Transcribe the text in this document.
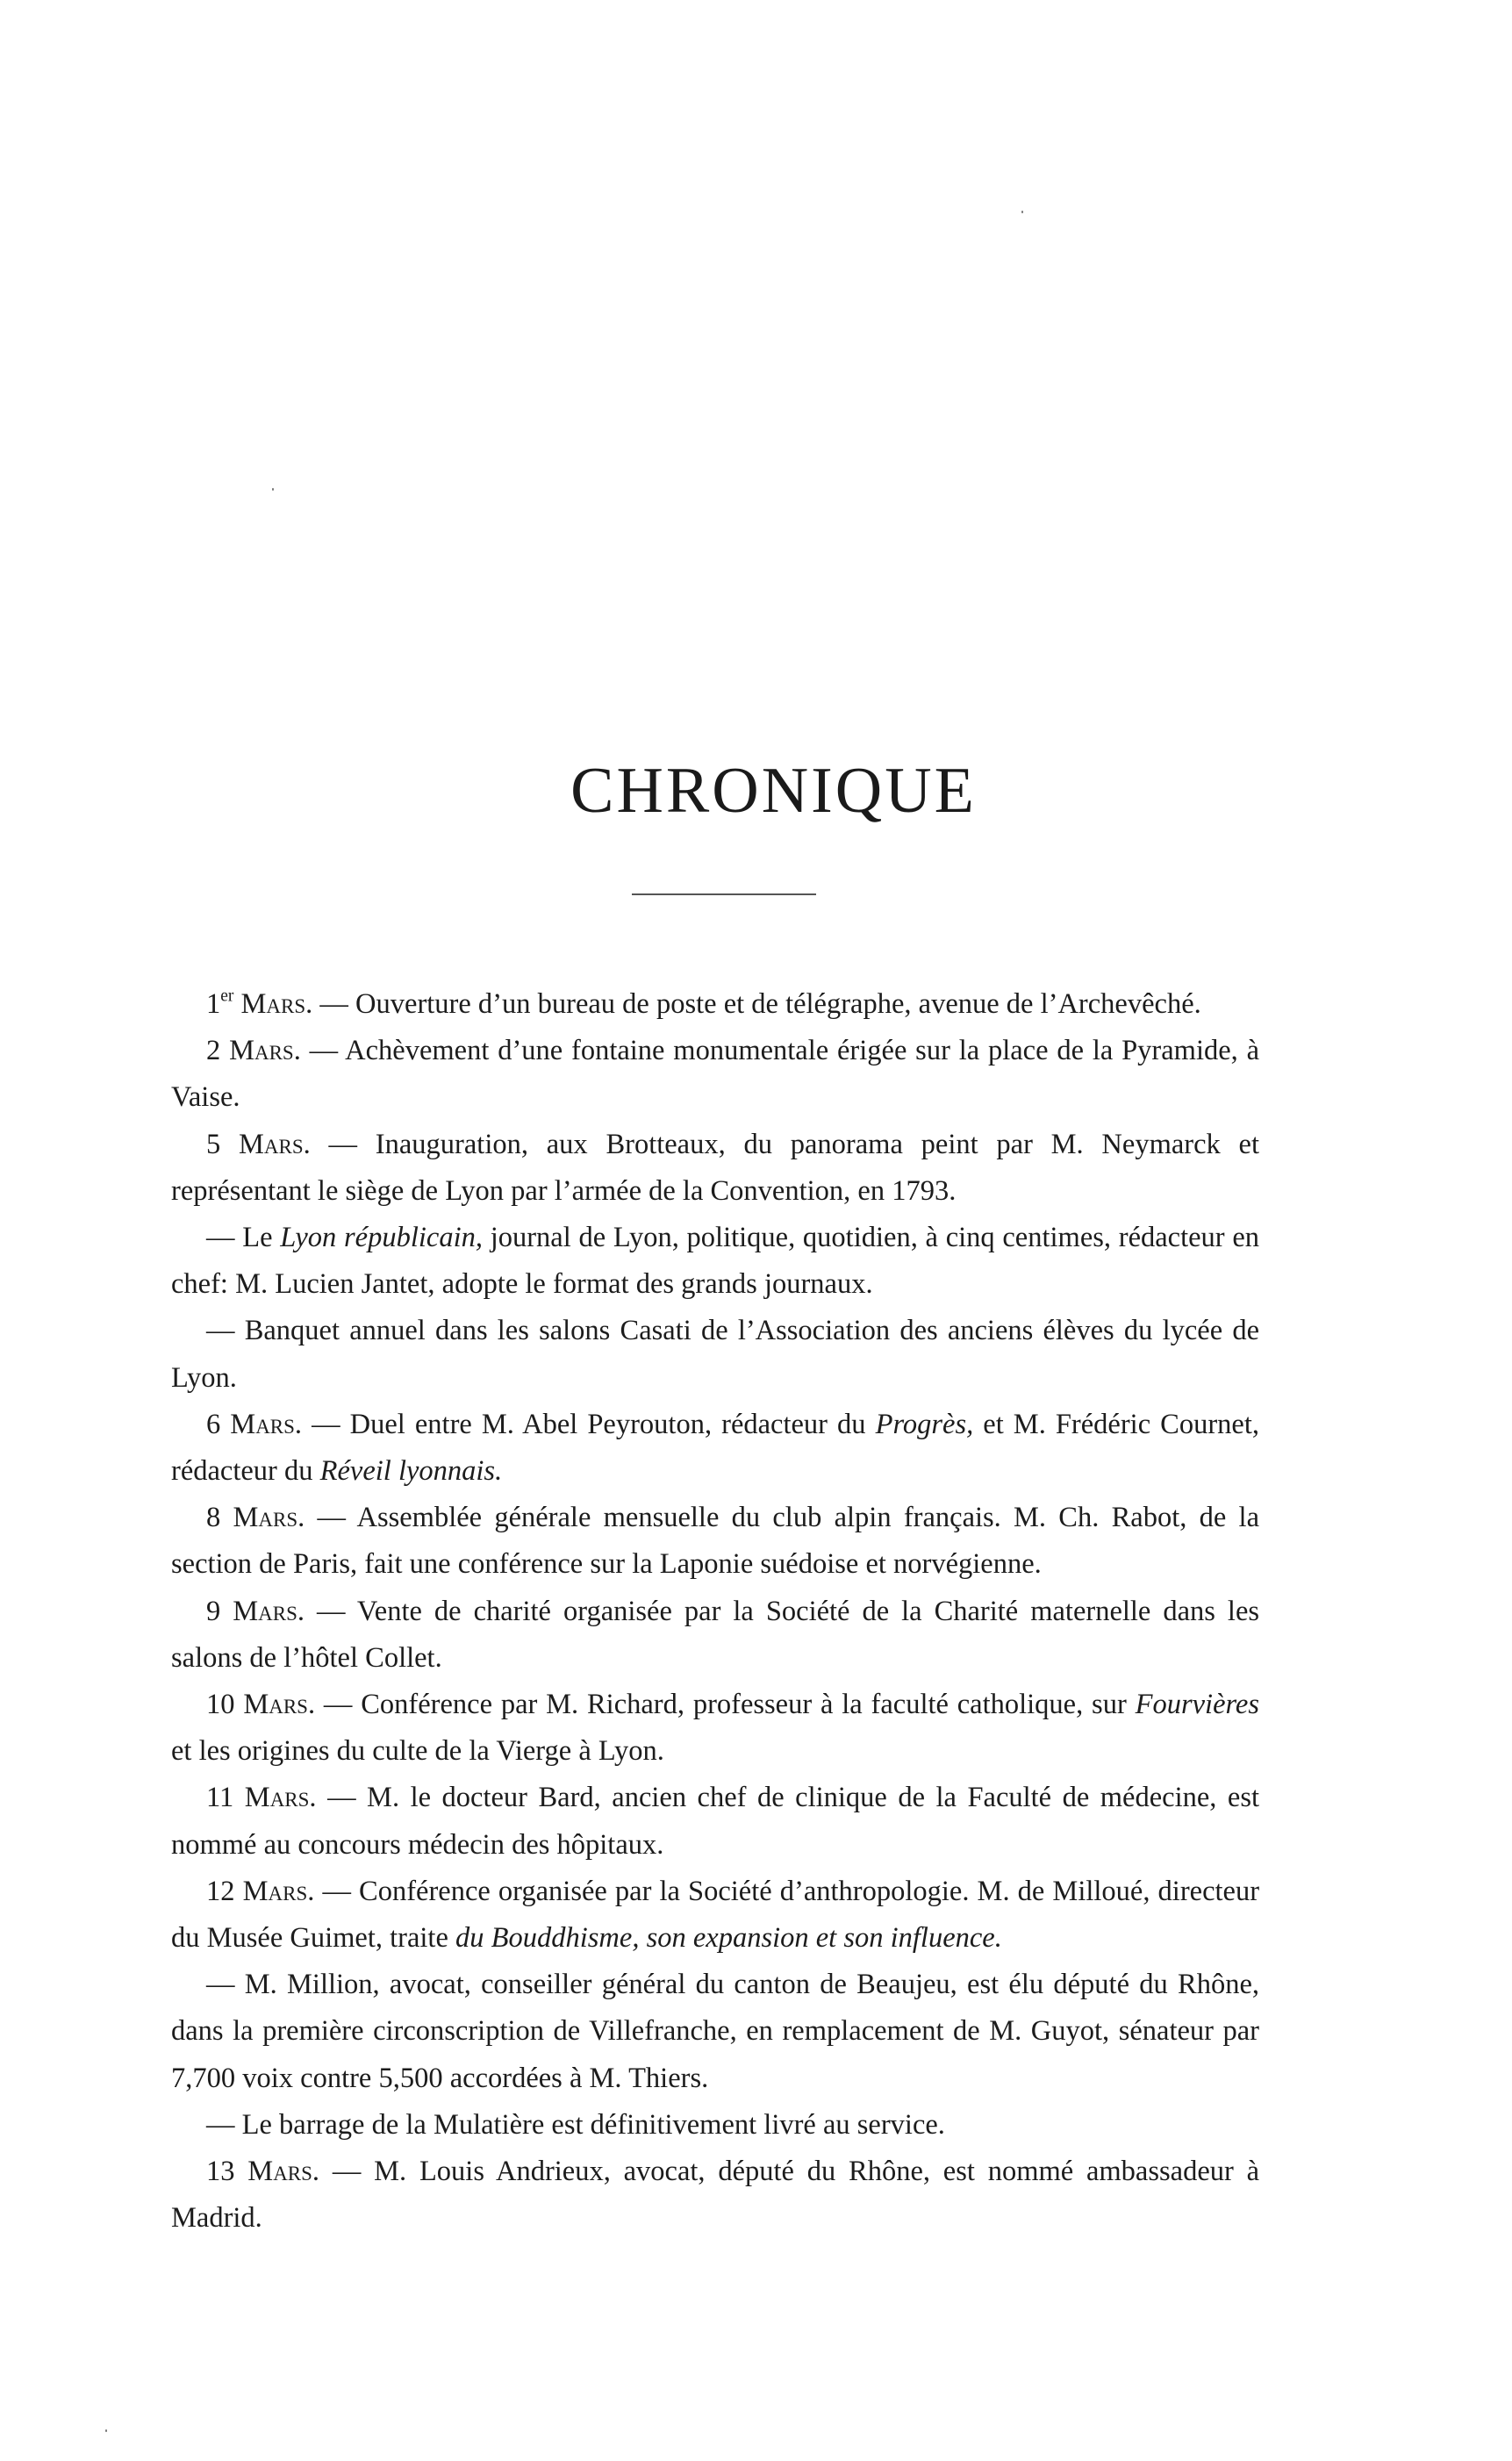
CHRONIQUE

1er Mars. — Ouverture d’un bureau de poste et de télégraphe, avenue de l’Archevêché.

2 Mars. — Achèvement d’une fontaine monumentale érigée sur la place de la Pyramide, à Vaise.

5 Mars. — Inauguration, aux Brotteaux, du panorama peint par M. Neymarck et représentant le siège de Lyon par l’armée de la Convention, en 1793.

— Le Lyon républicain, journal de Lyon, politique, quotidien, à cinq centimes, rédacteur en chef: M. Lucien Jantet, adopte le format des grands journaux.

— Banquet annuel dans les salons Casati de l’Association des anciens élèves du lycée de Lyon.

6 Mars. — Duel entre M. Abel Peyrouton, rédacteur du Progrès, et M. Frédéric Cournet, rédacteur du Réveil lyonnais.

8 Mars. — Assemblée générale mensuelle du club alpin français. M. Ch. Rabot, de la section de Paris, fait une conférence sur la Laponie suédoise et norvégienne.

9 Mars. — Vente de charité organisée par la Société de la Charité maternelle dans les salons de l’hôtel Collet.

10 Mars. — Conférence par M. Richard, professeur à la faculté catholique, sur Fourvières et les origines du culte de la Vierge à Lyon.

11 Mars. — M. le docteur Bard, ancien chef de clinique de la Faculté de médecine, est nommé au concours médecin des hôpitaux.

12 Mars. — Conférence organisée par la Société d’anthropologie. M. de Milloué, directeur du Musée Guimet, traite du Bouddhisme, son expansion et son influence.

— M. Million, avocat, conseiller général du canton de Beaujeu, est élu député du Rhône, dans la première circonscription de Villefranche, en remplacement de M. Guyot, sénateur par 7,700 voix contre 5,500 accordées à M. Thiers.

— Le barrage de la Mulatière est définitivement livré au service.

13 Mars. — M. Louis Andrieux, avocat, député du Rhône, est nommé ambassadeur à Madrid.
